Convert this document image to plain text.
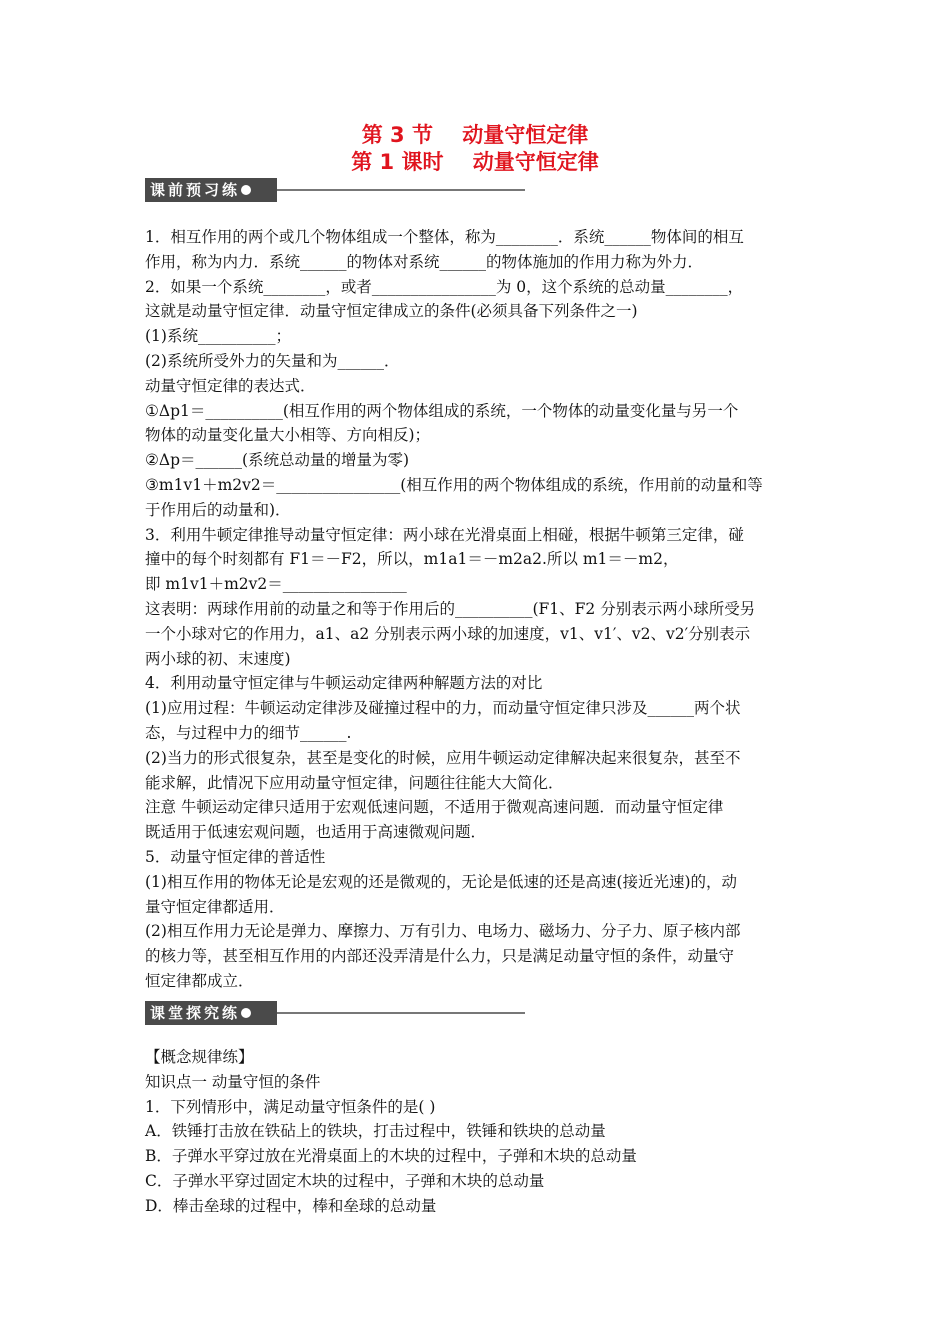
第 3 节    动量守恒定律
第 1 课时    动量守恒定律
课前预习练

1．相互作用的两个或几个物体组成一个整体，称为________．系统______物体间的相互

作用，称为内力．系统______的物体对系统______的物体施加的作用力称为外力．

2．如果一个系统________，或者________________为 0，这个系统的总动量________，

这就是动量守恒定律．动量守恒定律成立的条件(必须具备下列条件之一)

(1)系统__________；

(2)系统所受外力的矢量和为______．

动量守恒定律的表达式．

①Δp1＝__________(相互作用的两个物体组成的系统，一个物体的动量变化量与另一个

物体的动量变化量大小相等、方向相反)；

②Δp＝______(系统总动量的增量为零)

③m1v1＋m2v2＝________________(相互作用的两个物体组成的系统，作用前的动量和等

于作用后的动量和)．

3．利用牛顿定律推导动量守恒定律：两小球在光滑桌面上相碰，根据牛顿第三定律，碰

撞中的每个时刻都有 F1＝－F2，所以，m1a1＝－m2a2.所以 m1＝－m2，

即 m1v1＋m2v2＝________________

这表明：两球作用前的动量之和等于作用后的__________(F1、F2 分别表示两小球所受另

一个小球对它的作用力，a1、a2 分别表示两小球的加速度，v1、v1′、v2、v2′分别表示

两小球的初、末速度)

4．利用动量守恒定律与牛顿运动定律两种解题方法的对比

(1)应用过程：牛顿运动定律涉及碰撞过程中的力，而动量守恒定律只涉及______两个状

态，与过程中力的细节______.

(2)当力的形式很复杂，甚至是变化的时候，应用牛顿运动定律解决起来很复杂，甚至不

能求解，此情况下应用动量守恒定律，问题往往能大大简化．

注意 牛顿运动定律只适用于宏观低速问题，不适用于微观高速问题．而动量守恒定律

既适用于低速宏观问题，也适用于高速微观问题．

5．动量守恒定律的普适性

(1)相互作用的物体无论是宏观的还是微观的，无论是低速的还是高速(接近光速)的，动

量守恒定律都适用．

(2)相互作用力无论是弹力、摩擦力、万有引力、电场力、磁场力、分子力、原子核内部

的核力等，甚至相互作用的内部还没弄清是什么力，只是满足动量守恒的条件，动量守

恒定律都成立．

课堂探究练

【概念规律练】

知识点一 动量守恒的条件

1．下列情形中，满足动量守恒条件的是( )

A．铁锤打击放在铁砧上的铁块，打击过程中，铁锤和铁块的总动量

B．子弹水平穿过放在光滑桌面上的木块的过程中，子弹和木块的总动量

C．子弹水平穿过固定木块的过程中，子弹和木块的总动量

D．棒击垒球的过程中，棒和垒球的总动量
